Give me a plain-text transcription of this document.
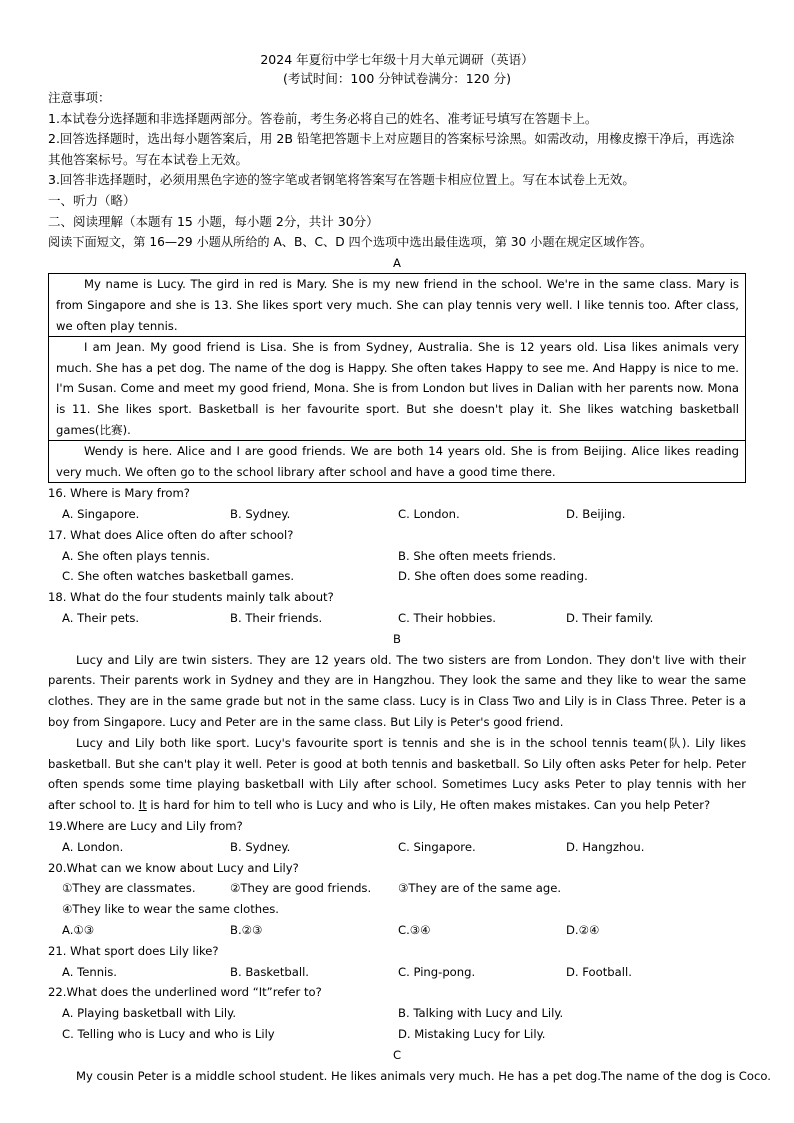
2024 年夏衍中学七年级十月大单元调研（英语）
(考试时间：100 分钟试卷满分：120 分)
注意事项：
1.本试卷分选择题和非选择题两部分。答卷前，考生务必将自己的姓名、准考证号填写在答题卡上。
2.回答选择题时，选出每小题答案后，用 2B 铅笔把答题卡上对应题目的答案标号涂黑。如需改动，用橡皮擦干净后，再选涂其他答案标号。写在本试卷上无效。
3.回答非选择题时，必须用黑色字迹的签字笔或者钢笔将答案写在答题卡相应位置上。写在本试卷上无效。
一、听力（略）
二、阅读理解（本题有 15 小题，每小题 2分，共计 30分）
阅读下面短文，第 16—29 小题从所给的 A、B、C、D 四个选项中选出最佳选项，第 30 小题在规定区域作答。
A
My name is Lucy. The gird in red is Mary. She is my new friend in the school. We're in the same class. Mary is from Singapore and she is 13. She likes sport very much. She can play tennis very well. I like tennis too. After class, we often play tennis.
I am Jean. My good friend is Lisa. She is from Sydney, Australia. She is 12 years old. Lisa likes animals very much. She has a pet dog. The name of the dog is Happy. She often takes Happy to see me. And Happy is nice to me. I'm Susan. Come and meet my good friend, Mona. She is from London but lives in Dalian with her parents now. Mona is 11. She likes sport. Basketball is her favourite sport. But she doesn't play it. She likes watching basketball games(比赛).
Wendy is here. Alice and I are good friends. We are both 14 years old. She is from Beijing. Alice likes reading very much. We often go to the school library after school and have a good time there.
16. Where is Mary from?
A. Singapore.	B. Sydney.	C. London.	D. Beijing.
17. What does Alice often do after school?
A. She often plays tennis.	B. She often meets friends.
C. She often watches basketball games.	D. She often does some reading.
18. What do the four students mainly talk about?
A. Their pets.	B. Their friends.	C. Their hobbies.	D. Their family.
B
Lucy and Lily are twin sisters. They are 12 years old. The two sisters are from London. They don't live with their parents. Their parents work in Sydney and they are in Hangzhou. They look the same and they like to wear the same clothes. They are in the same grade but not in the same class. Lucy is in Class Two and Lily is in Class Three. Peter is a boy from Singapore. Lucy and Peter are in the same class. But Lily is Peter's good friend.
Lucy and Lily both like sport. Lucy's favourite sport is tennis and she is in the school tennis team(队). Lily likes basketball. But she can't play it well. Peter is good at both tennis and basketball. So Lily often asks Peter for help. Peter often spends some time playing basketball with Lily after school. Sometimes Lucy asks Peter to play tennis with her after school to. It is hard for him to tell who is Lucy and who is Lily, He often makes mistakes. Can you help Peter?
19.Where are Lucy and Lily from?
A. London.	B. Sydney.	C. Singapore.	D. Hangzhou.
20.What can we know about Lucy and Lily?
①They are classmates.	②They are good friends.	③They are of the same age.
④They like to wear the same clothes.
A.①③	B.②③	C.③④	D.②④
21. What sport does Lily like?
A. Tennis.	B. Basketball.	C. Ping-pong.	D. Football.
22.What does the underlined word “It”refer to?
A. Playing basketball with Lily.	B. Talking with Lucy and Lily.
C. Telling who is Lucy and who is Lily	D. Mistaking Lucy for Lily.
C
My cousin Peter is a middle school student. He likes animals very much. He has a pet dog.The name of the dog is Coco.
